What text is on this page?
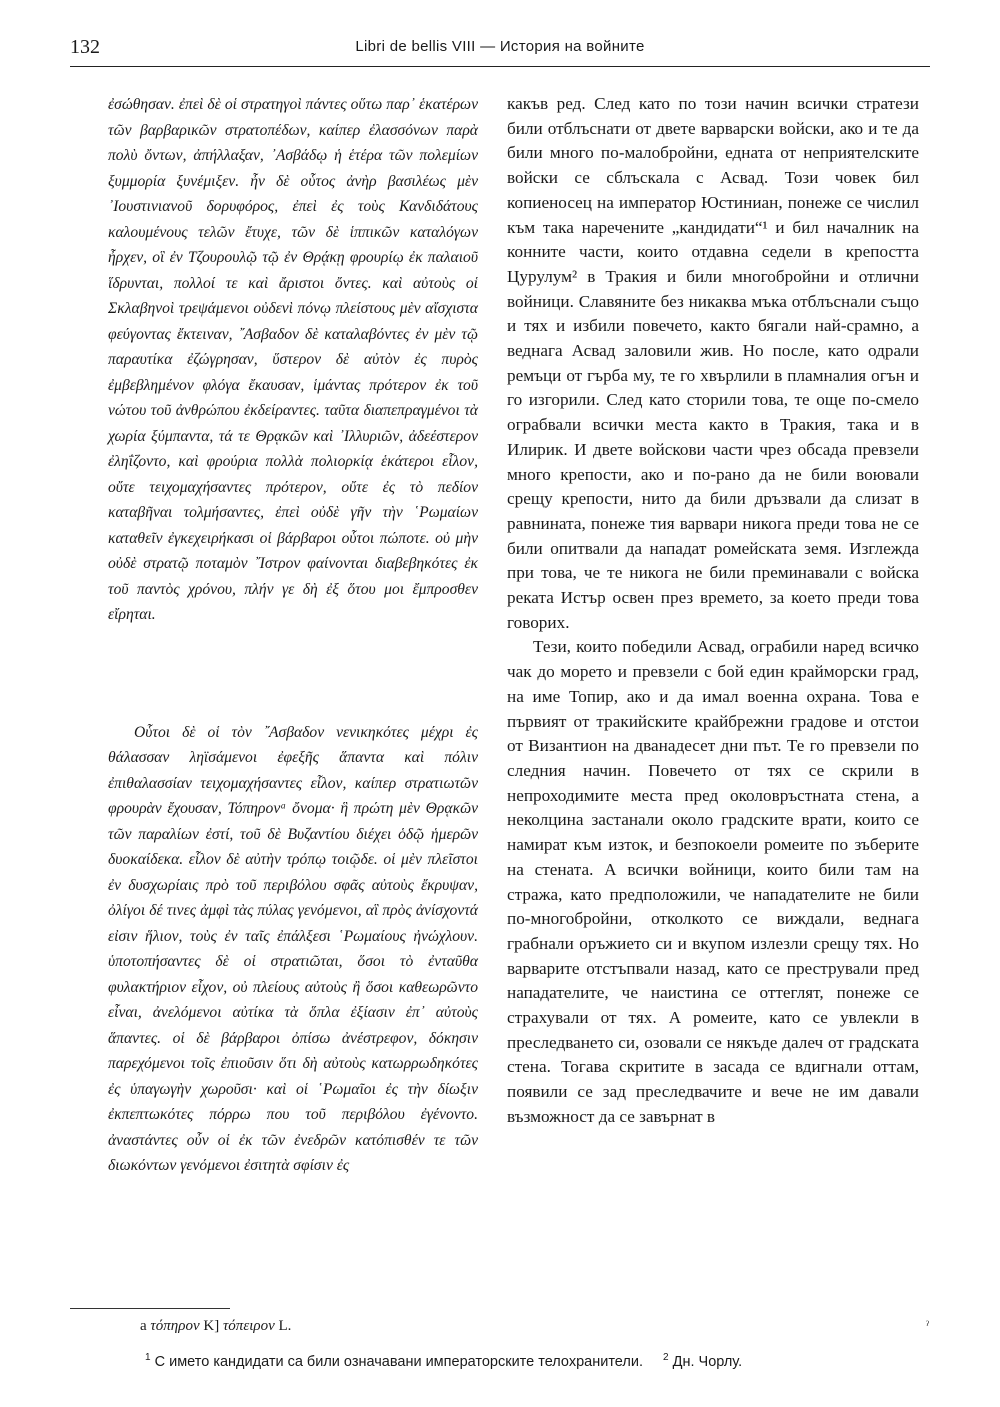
132	Libri de bellis VIII — История на войните

ἐσώθησαν. ἐπεὶ δὲ οἱ στρατηγοὶ πάντες οὕτω παρ᾽ ἑκατέρων τῶν βαρβαρικῶν στρατοπέδων, καίπερ ἐλασσόνων παρὰ πολὺ ὄντων, ἀπήλλαξαν, ᾽Ασβάδῳ ἡ ἑτέρα τῶν πολεμίων ξυμμορία ξυνέμιξεν. ἦν δὲ οὗτος ἀνὴρ βασιλέως μὲν ᾽Ιουστινιανοῦ δορυφόρος, ἐπεὶ ἐς τοὺς Κανδιδάτους καλουμένους τελῶν ἔτυχε, τῶν δὲ ἱππικῶν καταλόγων ἦρχεν, οἳ ἐν Τζουρουλῷ τῷ ἐν Θρᾴκῃ φρουρίῳ ἐκ παλαιοῦ ἵδρυνται, πολλοί τε καὶ ἄριστοι ὄντες. καὶ αὐτοὺς οἱ Σκλαβηνοὶ τρεψάμενοι οὐδενὶ πόνῳ πλείστους μὲν αἴσχιστα φεύγοντας ἔκτειναν, ῎Ασβαδον δὲ καταλαβόντες ἐν μὲν τῷ παραυτίκα ἐζώγρησαν, ὕστερον δὲ αὐτὸν ἐς πυρὸς ἐμβεβλημένον φλόγα ἔκαυσαν, ἱμάντας πρότερον ἐκ τοῦ νώτου τοῦ ἀνθρώπου ἐκδείραντες. ταῦτα διαπεπραγμένοι τὰ χωρία ξύμπαντα, τά τε Θρᾳκῶν καὶ ᾽Ιλλυριῶν, ἀδεέστερον ἐληΐζοντο, καὶ φρούρια πολλὰ πολιορκίᾳ ἑκάτεροι εἷλον, οὔτε τειχομαχήσαντες πρότερον, οὔτε ἐς τὸ πεδίον καταβῆναι τολμήσαντες, ἐπεὶ οὐδὲ γῆν τὴν ῾Ρωμαίων καταθεῖν ἐγκεχειρήκασι οἱ βάρβαροι οὗτοι πώποτε. οὐ μὴν οὐδὲ στρατῷ ποταμὸν ῎Ιστρον φαίνονται διαβεβηκότες ἐκ τοῦ παντὸς χρόνου, πλήν γε δὴ ἐξ ὅτου μοι ἔμπροσθεν εἴρηται.

Οὗτοι δὲ οἱ τὸν ῎Ασβαδον νενικηκότες μέχρι ἐς θάλασσαν ληϊσάμενοι ἐφεξῆς ἅπαντα καὶ πόλιν ἐπιθαλασσίαν τειχομαχήσαντες εἷλον, καίπερ στρατιωτῶν φρουρὰν ἔχουσαν, Τόπηρονᵃ ὄνομα· ἣ πρώτη μὲν Θρᾳκῶν τῶν παραλίων ἐστί, τοῦ δὲ Βυζαντίου διέχει ὁδῷ ἡμερῶν δυοκαίδεκα. εἷλον δὲ αὐτὴν τρόπῳ τοιῷδε. οἱ μὲν πλεῖστοι ἐν δυσχωρίαις πρὸ τοῦ περιβόλου σφᾶς αὐτοὺς ἔκρυψαν, ὀλίγοι δέ τινες ἀμφὶ τὰς πύλας γενόμενοι, αἳ πρὸς ἀνίσχοντά εἰσιν ἥλιον, τοὺς ἐν ταῖς ἐπάλξεσι ῾Ρωμαίους ἠνώχλουν. ὑποτοπήσαντες δὲ οἱ στρατιῶται, ὅσοι τὸ ἐνταῦθα φυλακτήριον εἶχον, οὐ πλείους αὐτοὺς ἢ ὅσοι καθεωρῶντο εἶναι, ἀνελόμενοι αὐτίκα τὰ ὅπλα ἐξίασιν ἐπ᾽ αὐτοὺς ἅπαντες. οἱ δὲ βάρβαροι ὀπίσω ἀνέστρεφον, δόκησιν παρεχόμενοι τοῖς ἐπιοῦσιν ὅτι δὴ αὐτοὺς κατωρρωδηκότες ἐς ὑπαγωγὴν χωροῦσι· καὶ οἱ ῾Ρωμαῖοι ἐς τὴν δίωξιν ἐκπεπτωκότες πόρρω που τοῦ περιβόλου ἐγένοντο. ἀναστάντες οὖν οἱ ἐκ τῶν ἐνεδρῶν κατόπισθέν τε τῶν διωκόντων γενόμενοι ἐσιτητὰ σφίσιν ἐς

какъв ред. След като по този начин всички стратези били отблъснати от двете варварски войски, ако и те да били много по-малобройни, едната от неприятелските войски се сблъскала с Асвад. Този човек бил копиеносец на император Юстиниан, понеже се числил към така наречените „кандидати“¹ и бил началник на конните части, които отдавна седели в крепостта Цурулум² в Тракия и били многобройни и отлични войници. Славяните без никаква мъка отблъснали също и тях и избили повечето, както бягали най-срамно, а веднага Асвад заловили жив. Но после, като одрали ремъци от гърба му, те го хвърлили в пламналия огън и го изгорили. След като сторили това, те още по-смело ограбвали всички места както в Тракия, така и в Илирик. И двете войскови части чрез обсада превзели много крепости, ако и по-рано да не били воювали срещу крепости, нито да били дръзвали да слизат в равнината, понеже тия варвари никога преди това не се били опитвали да нападат ромейската земя. Изглежда при това, че те никога не били преминавали с войска реката Истър освен през времето, за което преди това говорих.

Тези, които победили Асвад, ограбили наред всичко чак до морето и превзели с бой един крайморски град, на име Топир, ако и да имал военна охрана. Това е първият от тракийските крайбрежни градове и отстои от Византион на дванадесет дни път. Те го превзели по следния начин. Повечето от тях се скрили в непроходимите места пред околовръстната стена, а неколцина застанали около градските врати, които се намират към изток, и безпокоели ромеите по зъберите на стената. А всички войници, които били там на стража, като предположили, че нападателите не били по-многобройни, отколкото се виждали, веднага грабнали оръжието си и вкупом излезли срещу тях. Но варварите отстъпвали назад, като се престрували пред нападателите, че наистина се оттеглят, понеже се страхували от тях. А ромеите, като се увлекли в преследването си, озовали се някъде далеч от градската стена. Тогава скритите в засада се вдигнали оттам, появили се зад преследвачите и вече не им давали възможност да се завърнат в

a τόπηρον K] τόπειρον L.	ˀ
$^1$ С името кандидати са били означавани императорските телохранители. $^2$ Дн. Чорлу.
